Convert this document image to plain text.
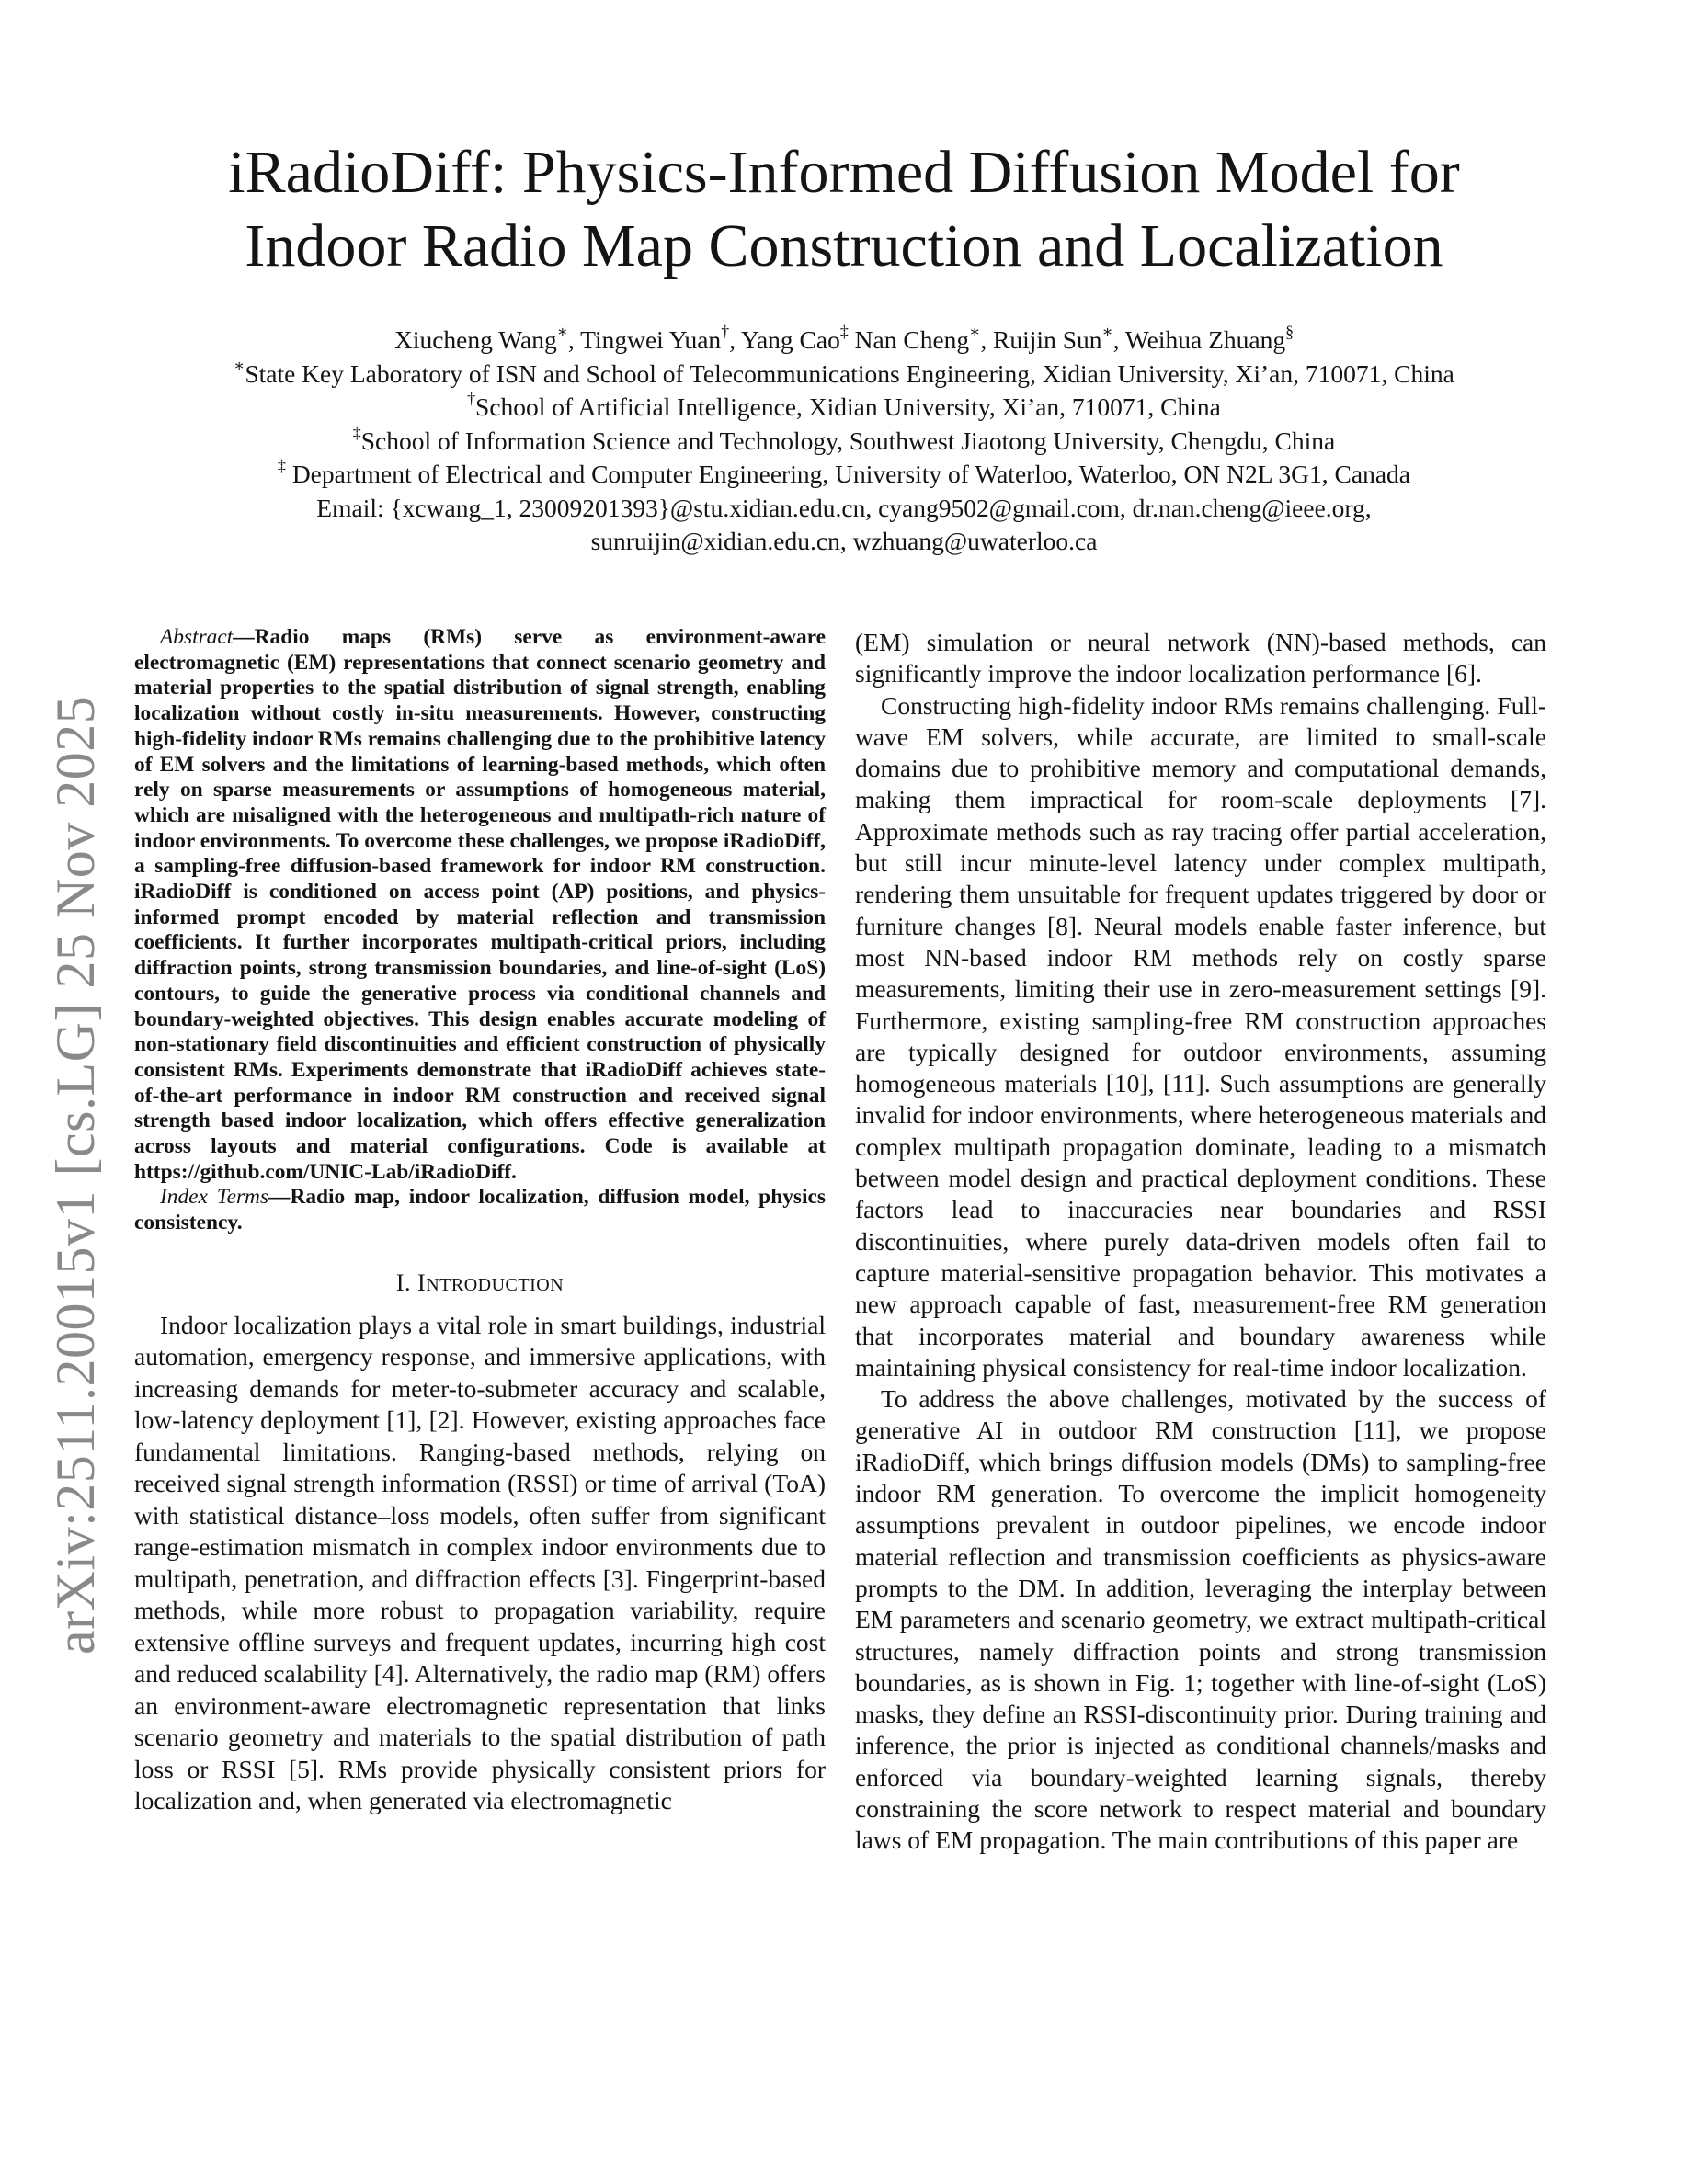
arXiv:2511.20015v1 [cs.LG] 25 Nov 2025
iRadioDiff: Physics-Informed Diffusion Model for
Indoor Radio Map Construction and Localization
Xiucheng Wang∗, Tingwei Yuan†, Yang Cao‡ Nan Cheng∗, Ruijin Sun∗, Weihua Zhuang§
∗State Key Laboratory of ISN and School of Telecommunications Engineering, Xidian University, Xi’an, 710071, China
†School of Artificial Intelligence, Xidian University, Xi’an, 710071, China
‡School of Information Science and Technology, Southwest Jiaotong University, Chengdu, China
‡ Department of Electrical and Computer Engineering, University of Waterloo, Waterloo, ON N2L 3G1, Canada
Email: {xcwang_1, 23009201393}@stu.xidian.edu.cn, cyang9502@gmail.com, dr.nan.cheng@ieee.org,
sunruijin@xidian.edu.cn, wzhuang@uwaterloo.ca

Abstract—Radio maps (RMs) serve as environment-aware electromagnetic (EM) representations that connect scenario geometry and material properties to the spatial distribution of signal strength, enabling localization without costly in-situ measurements. However, constructing high-fidelity indoor RMs remains challenging due to the prohibitive latency of EM solvers and the limitations of learning-based methods, which often rely on sparse measurements or assumptions of homogeneous material, which are misaligned with the heterogeneous and multipath-rich nature of indoor environments. To overcome these challenges, we propose iRadioDiff, a sampling-free diffusion-based framework for indoor RM construction. iRadioDiff is conditioned on access point (AP) positions, and physics-informed prompt encoded by material reflection and transmission coefficients. It further incorporates multipath-critical priors, including diffraction points, strong transmission boundaries, and line-of-sight (LoS) contours, to guide the generative process via conditional channels and boundary-weighted objectives. This design enables accurate modeling of non-stationary field discontinuities and efficient construction of physically consistent RMs. Experiments demonstrate that iRadioDiff achieves state-of-the-art performance in indoor RM construction and received signal strength based indoor localization, which offers effective generalization across layouts and material configurations. Code is available at https://github.com/UNIC-Lab/iRadioDiff.

Index Terms—Radio map, indoor localization, diffusion model, physics consistency.

I. INTRODUCTION

Indoor localization plays a vital role in smart buildings, industrial automation, emergency response, and immersive applications, with increasing demands for meter-to-submeter accuracy and scalable, low-latency deployment [1], [2]. However, existing approaches face fundamental limitations. Ranging-based methods, relying on received signal strength information (RSSI) or time of arrival (ToA) with statistical distance–loss models, often suffer from significant range-estimation mismatch in complex indoor environments due to multipath, penetration, and diffraction effects [3]. Fingerprint-based methods, while more robust to propagation variability, require extensive offline surveys and frequent updates, incurring high cost and reduced scalability [4]. Alternatively, the radio map (RM) offers an environment-aware electromagnetic representation that links scenario geometry and materials to the spatial distribution of path loss or RSSI [5]. RMs provide physically consistent priors for localization and, when generated via electromagnetic

(EM) simulation or neural network (NN)-based methods, can significantly improve the indoor localization performance [6].

Constructing high-fidelity indoor RMs remains challenging. Full-wave EM solvers, while accurate, are limited to small-scale domains due to prohibitive memory and computational demands, making them impractical for room-scale deployments [7]. Approximate methods such as ray tracing offer partial acceleration, but still incur minute-level latency under complex multipath, rendering them unsuitable for frequent updates triggered by door or furniture changes [8]. Neural models enable faster inference, but most NN-based indoor RM methods rely on costly sparse measurements, limiting their use in zero-measurement settings [9]. Furthermore, existing sampling-free RM construction approaches are typically designed for outdoor environments, assuming homogeneous materials [10], [11]. Such assumptions are generally invalid for indoor environments, where heterogeneous materials and complex multipath propagation dominate, leading to a mismatch between model design and practical deployment conditions. These factors lead to inaccuracies near boundaries and RSSI discontinuities, where purely data-driven models often fail to capture material-sensitive propagation behavior. This motivates a new approach capable of fast, measurement-free RM generation that incorporates material and boundary awareness while maintaining physical consistency for real-time indoor localization.

To address the above challenges, motivated by the success of generative AI in outdoor RM construction [11], we propose iRadioDiff, which brings diffusion models (DMs) to sampling-free indoor RM generation. To overcome the implicit homogeneity assumptions prevalent in outdoor pipelines, we encode indoor material reflection and transmission coefficients as physics-aware prompts to the DM. In addition, leveraging the interplay between EM parameters and scenario geometry, we extract multipath-critical structures, namely diffraction points and strong transmission boundaries, as is shown in Fig. 1; together with line-of-sight (LoS) masks, they define an RSSI-discontinuity prior. During training and inference, the prior is injected as conditional channels/masks and enforced via boundary-weighted learning signals, thereby constraining the score network to respect material and boundary laws of EM propagation. The main contributions of this paper are
